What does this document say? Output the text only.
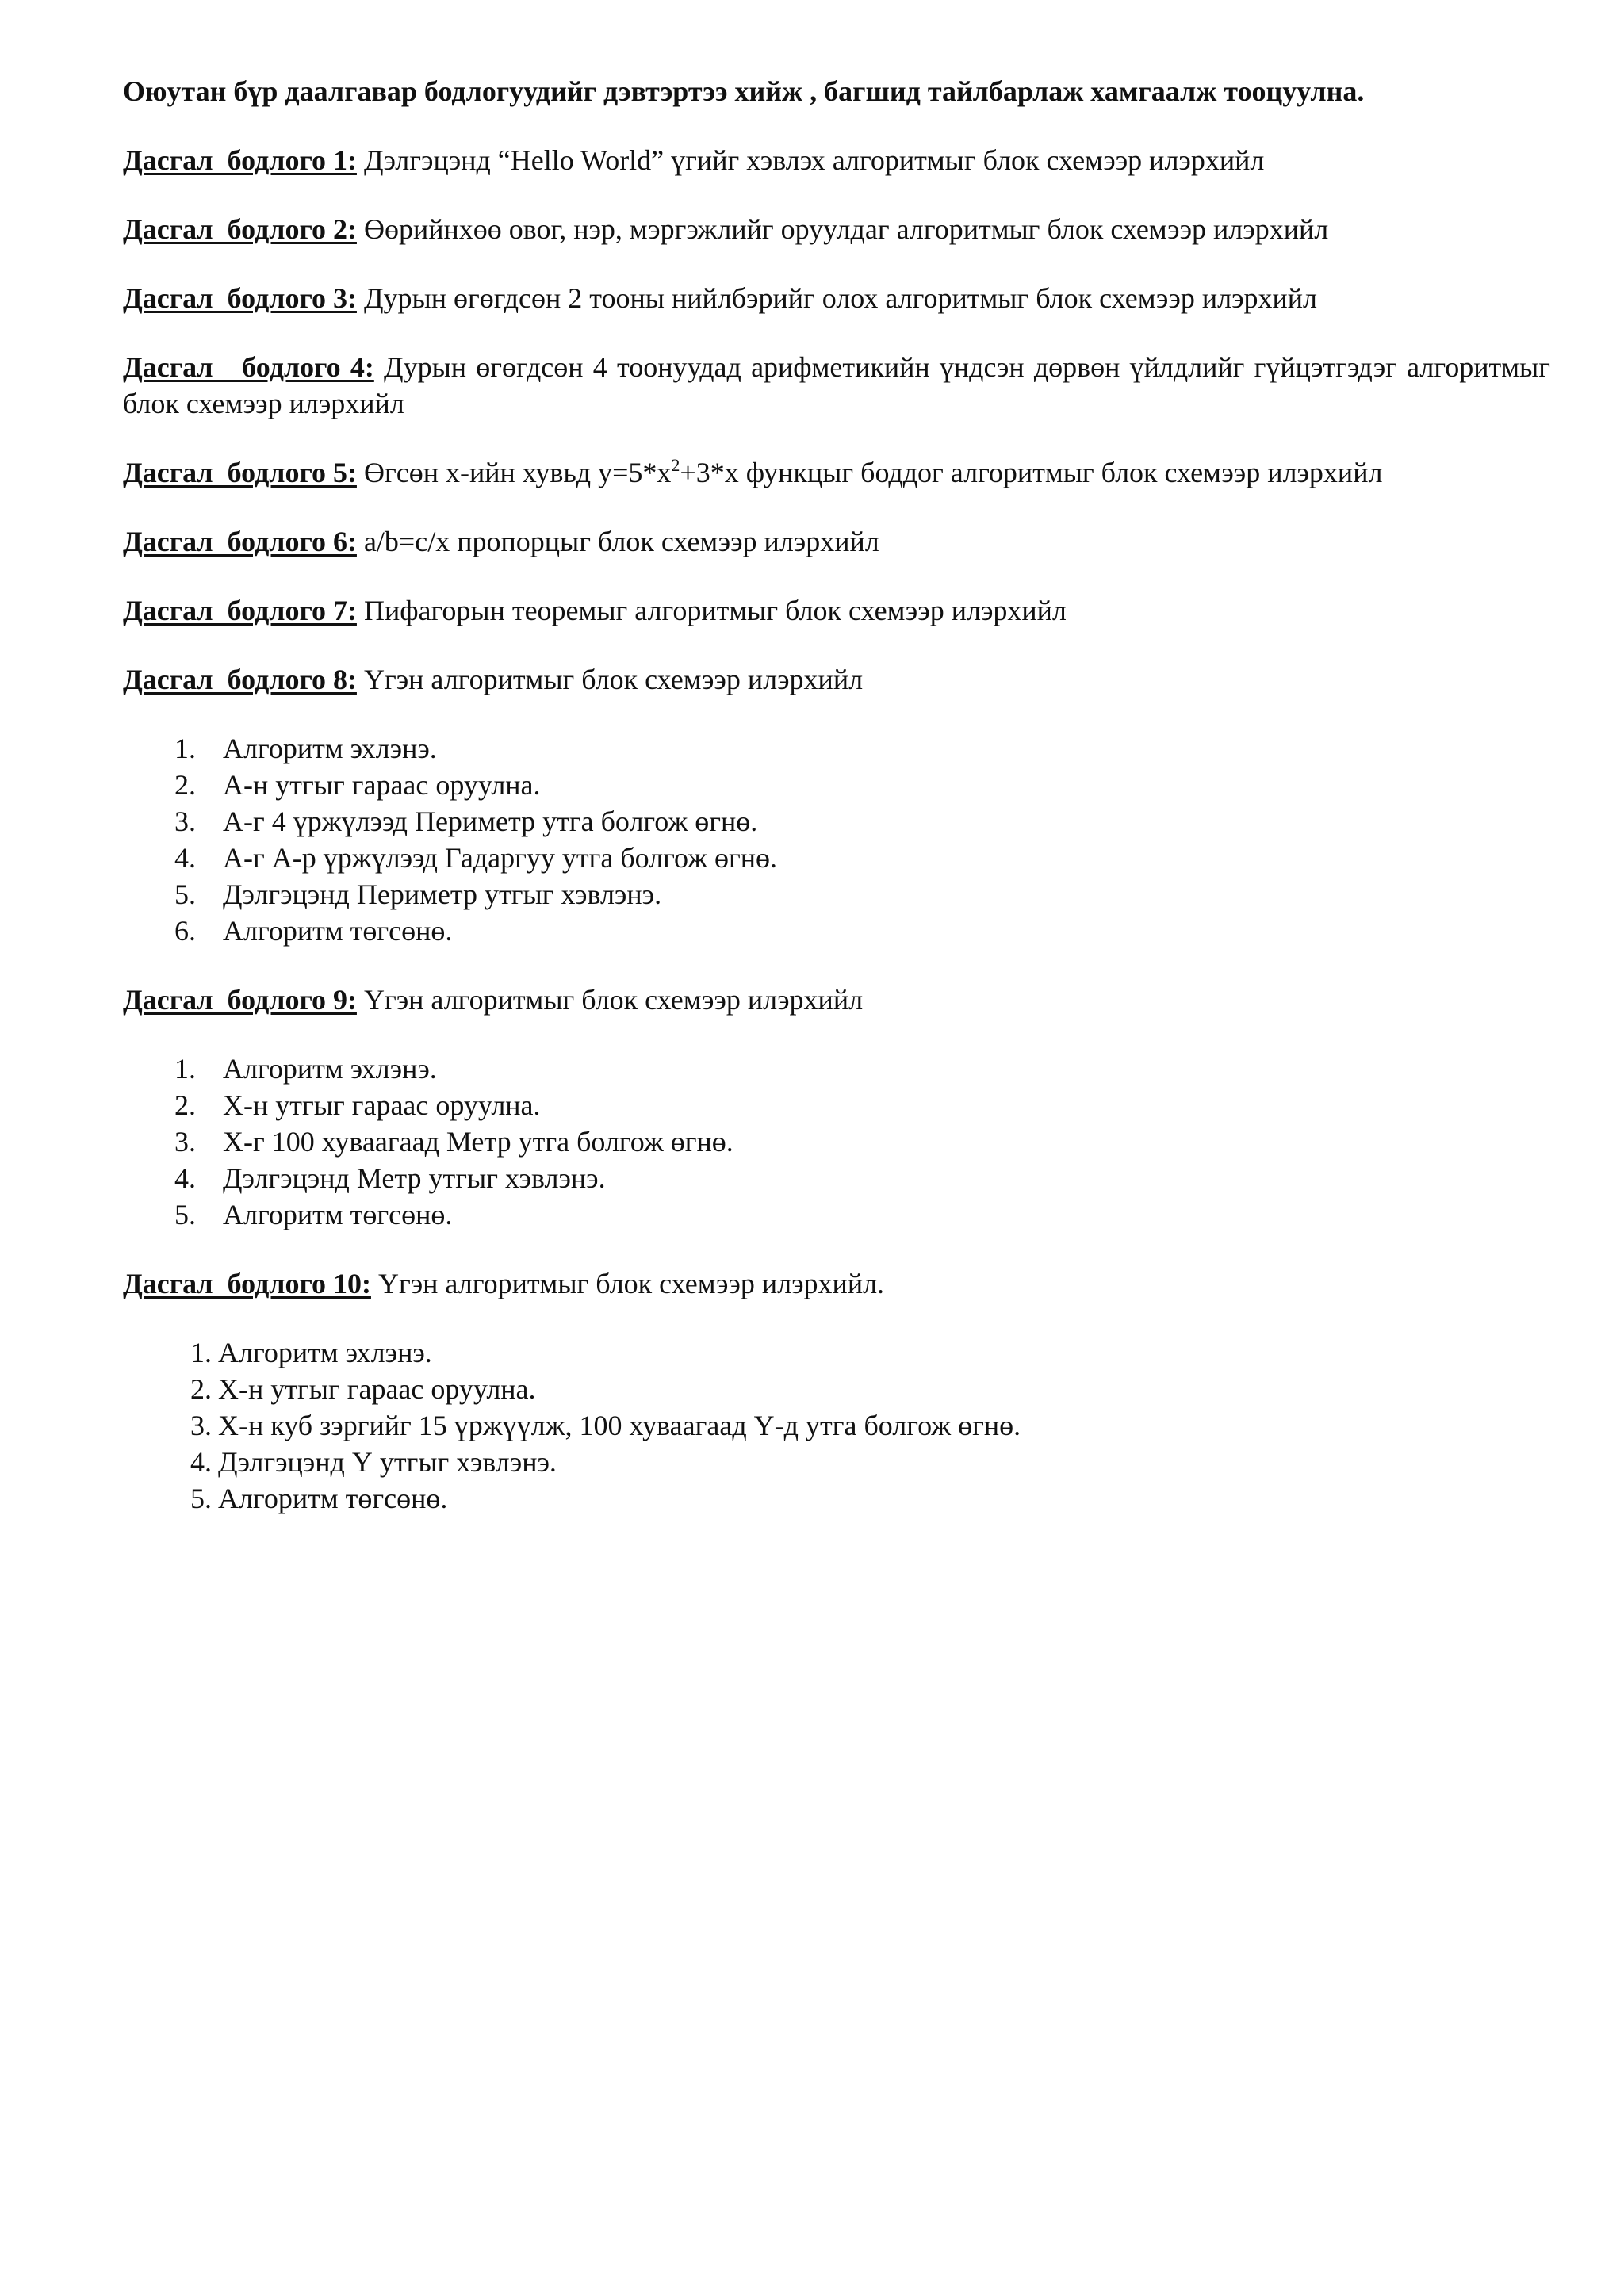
Оюутан бүр даалгавар бодлогуудийг дэвтэртээ хийж , багшид тайлбарлаж хамгаалж тооцуулна.

Дасгал  бодлого 1: Дэлгэцэнд “Hello World” үгийг хэвлэх алгоритмыг блок схемээр илэрхийл

Дасгал  бодлого 2: Өөрийнхөө овог, нэр, мэргэжлийг оруулдаг алгоритмыг блок схемээр илэрхийл

Дасгал  бодлого 3: Дурын өгөгдсөн 2 тооны нийлбэрийг олох алгоритмыг блок схемээр илэрхийл

Дасгал   бодлого 4: Дурын өгөгдсөн 4 тоонуудад арифметикийн үндсэн дөрвөн үйлдлийг гүйцэтгэдэг алгоритмыг блок схемээр илэрхийл

Дасгал  бодлого 5: Өгсөн х-ийн хувьд $y=5*x^2+3*x$ функцыг боддог алгоритмыг блок схемээр илэрхийл

Дасгал  бодлого 6: a/b=c/x пропорцыг блок схемээр илэрхийл

Дасгал  бодлого 7: Пифагорын теоремыг алгоритмыг блок схемээр илэрхийл

Дасгал  бодлого 8: Үгэн алгоритмыг блок схемээр илэрхийл

1. Алгоритм эхлэнэ.
2. А-н утгыг гараас оруулна.
3. А-г 4 үржүлээд Периметр утга болгож өгнө.
4. А-г А-р үржүлээд Гадаргуу утга болгож өгнө.
5. Дэлгэцэнд Периметр утгыг хэвлэнэ.
6. Алгоритм төгсөнө.

Дасгал  бодлого 9: Үгэн алгоритмыг блок схемээр илэрхийл

1. Алгоритм эхлэнэ.
2. Х-н утгыг гараас оруулна.
3. Х-г 100 хуваагаад Метр утга болгож өгнө.
4. Дэлгэцэнд Метр утгыг хэвлэнэ.
5. Алгоритм төгсөнө.

Дасгал  бодлого 10: Үгэн алгоритмыг блок схемээр илэрхийл.

1. Алгоритм эхлэнэ.
2. Х-н утгыг гараас оруулна.
3. Х-н куб зэргийг 15 үржүүлж, 100 хуваагаад Ү-д утга болгож өгнө.
4. Дэлгэцэнд Ү утгыг хэвлэнэ.
5. Алгоритм төгсөнө.
